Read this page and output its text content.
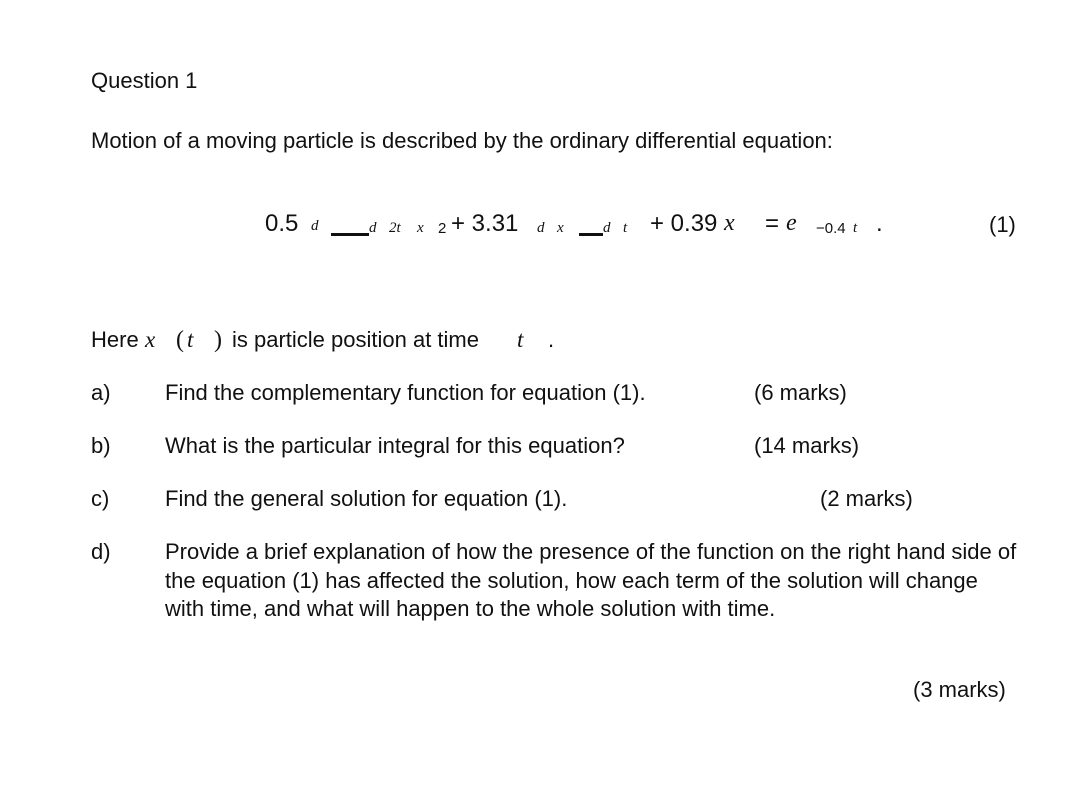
Question 1
Motion of a moving particle is described by the ordinary differential equation:
0.5 d	d 2t x 2 + 3.31 d x	d t + 0.39 x = e −0.4 t .	(1)
Here x ( t ) is particle position at time t .
a) Find the complementary function for equation (1).	(6 marks)
b) What is the particular integral for this equation?	(14 marks)
c)	Find the general solution for equation (1).	(2 marks)
d) Provide a brief explanation of how the presence of the function on the right hand side of the equation (1) has affected the solution, how each term of the solution will change with time, and what will happen to the whole solution with time.
(3 marks)
